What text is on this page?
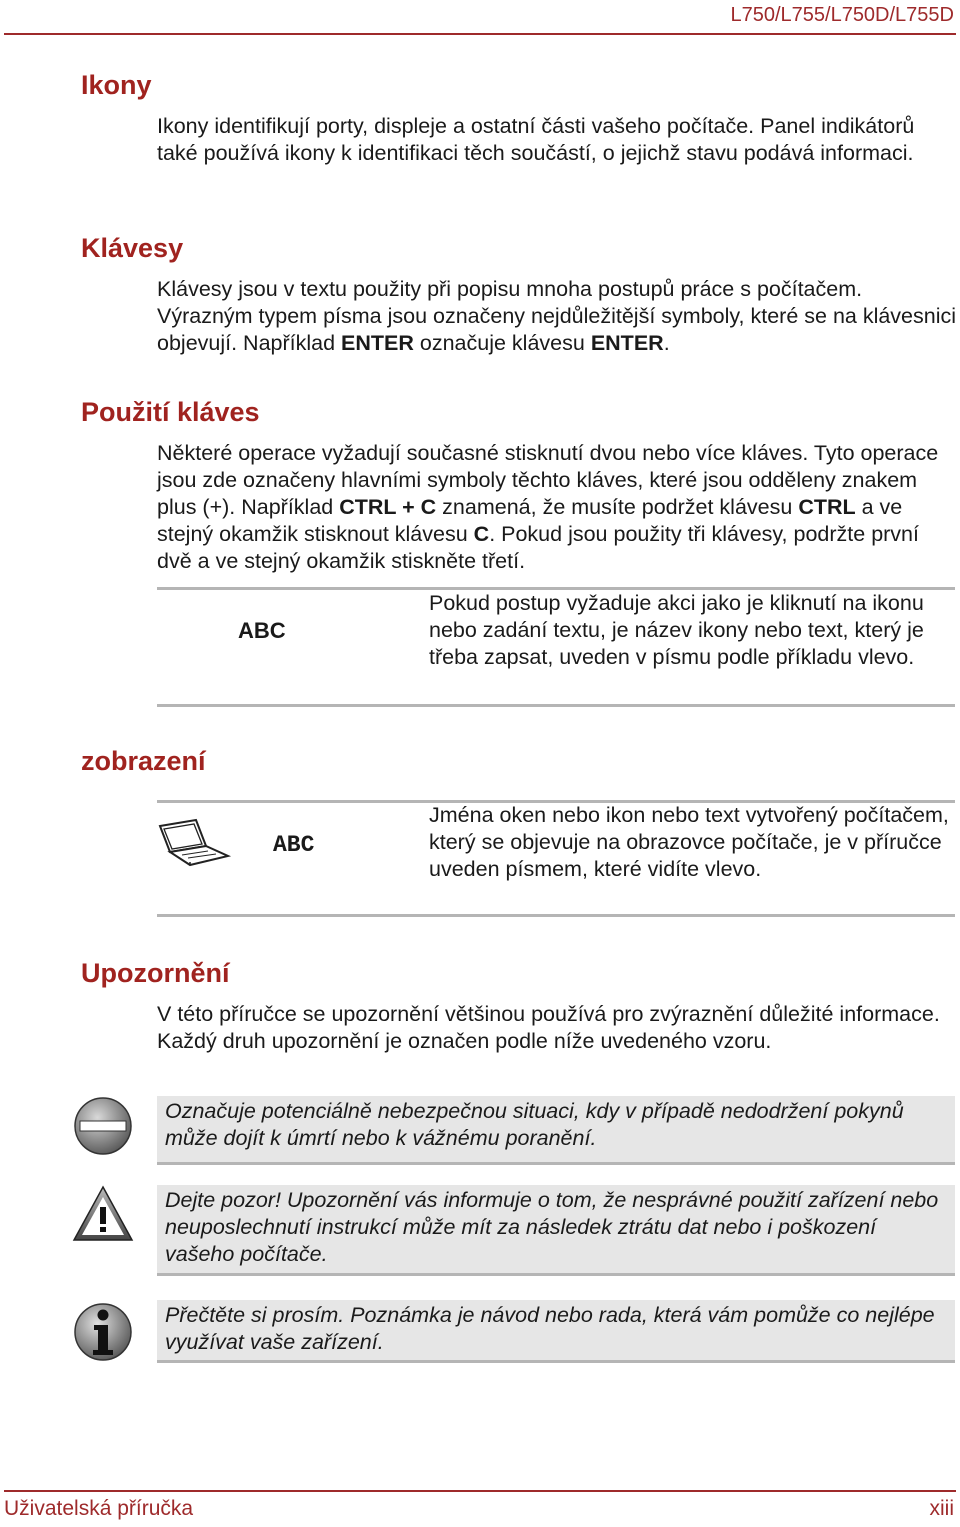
L750/L755/L750D/L755D
Ikony

Ikony identifikují porty, displeje a ostatní části vašeho počítače. Panel indikátorů také používá ikony k identifikaci těch součástí, o jejichž stavu podává informaci.

Klávesy

Klávesy jsou v textu použity při popisu mnoha postupů práce s počítačem. Výrazným typem písma jsou označeny nejdůležitější symboly, které se na klávesnici objevují. Například ENTER označuje klávesu ENTER.

Použití kláves

Některé operace vyžadují současné stisknutí dvou nebo více kláves. Tyto operace jsou zde označeny hlavními symboly těchto kláves, které jsou odděleny znakem plus (+). Například CTRL + C znamená, že musíte podržet klávesu CTRL a ve stejný okamžik stisknout klávesu C. Pokud jsou použity tři klávesy, podržte první dvě a ve stejný okamžik stiskněte třetí.

ABC

Pokud postup vyžaduje akci jako je kliknutí na ikonu nebo zadání textu, je název ikony nebo text, který je třeba zapsat, uveden v písmu podle příkladu vlevo.

zobrazení
ABC

Jména oken nebo ikon nebo text vytvořený počítačem, který se objevuje na obrazovce počítače, je v příručce uveden písmem, které vidíte vlevo.

Upozornění

V této příručce se upozornění většinou používá pro zvýraznění důležité informace. Každý druh upozornění je označen podle níže uvedeného vzoru.

Označuje potenciálně nebezpečnou situaci, kdy v případě nedodržení pokynů může dojít k úmrtí nebo k vážnému poranění.

Dejte pozor! Upozornění vás informuje o tom, že nesprávné použití zařízení nebo neuposlechnutí instrukcí může mít za následek ztrátu dat nebo i poškození vašeho počítače.

Přečtěte si prosím. Poznámka je návod nebo rada, která vám pomůže co nejlépe využívat vaše zařízení.

Uživatelská příručka	xiii
